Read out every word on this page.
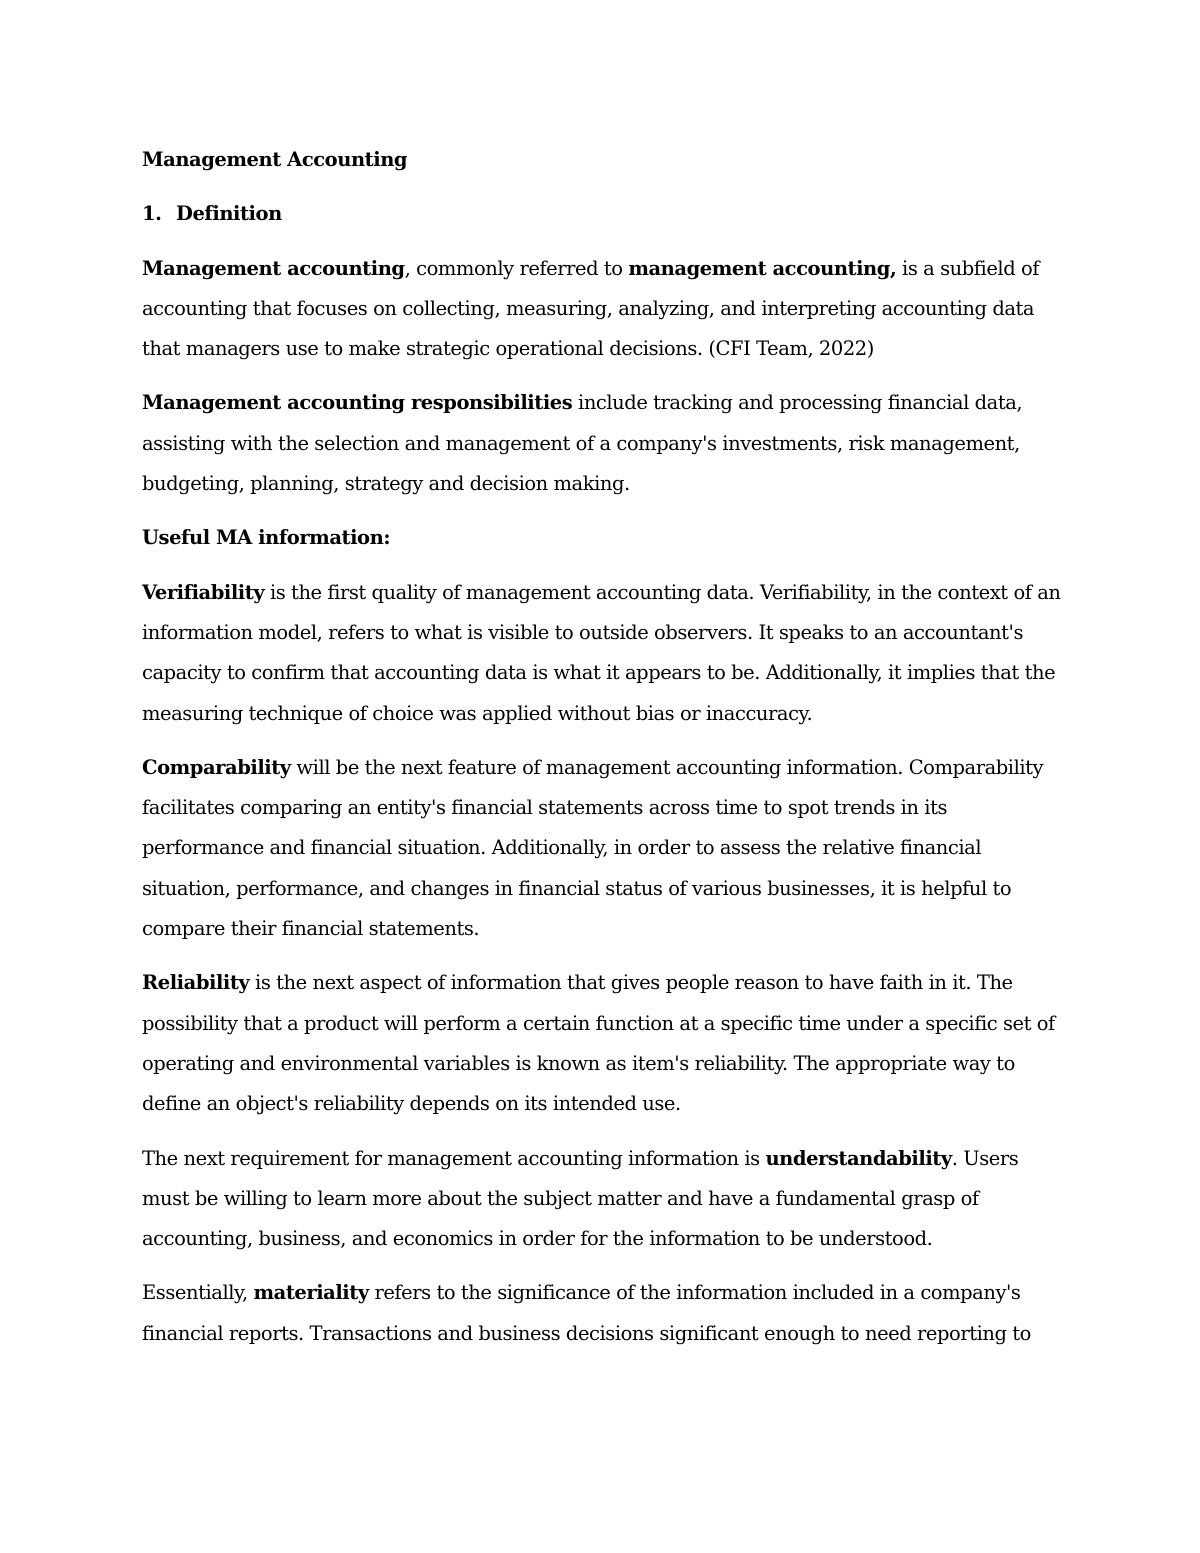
Management Accounting

1. Definition

Management accounting, commonly referred to management accounting, is a subfield of accounting that focuses on collecting, measuring, analyzing, and interpreting accounting data that managers use to make strategic operational decisions. (CFI Team, 2022)

Management accounting responsibilities include tracking and processing financial data, assisting with the selection and management of a company's investments, risk management, budgeting, planning, strategy and decision making.

Useful MA information:

Verifiability is the first quality of management accounting data. Verifiability, in the context of an information model, refers to what is visible to outside observers. It speaks to an accountant's capacity to confirm that accounting data is what it appears to be. Additionally, it implies that the measuring technique of choice was applied without bias or inaccuracy.

Comparability will be the next feature of management accounting information. Comparability facilitates comparing an entity's financial statements across time to spot trends in its performance and financial situation. Additionally, in order to assess the relative financial situation, performance, and changes in financial status of various businesses, it is helpful to compare their financial statements.

Reliability is the next aspect of information that gives people reason to have faith in it. The possibility that a product will perform a certain function at a specific time under a specific set of operating and environmental variables is known as item's reliability. The appropriate way to define an object's reliability depends on its intended use.

The next requirement for management accounting information is understandability. Users must be willing to learn more about the subject matter and have a fundamental grasp of accounting, business, and economics in order for the information to be understood.

Essentially, materiality refers to the significance of the information included in a company's financial reports. Transactions and business decisions significant enough to need reporting to
